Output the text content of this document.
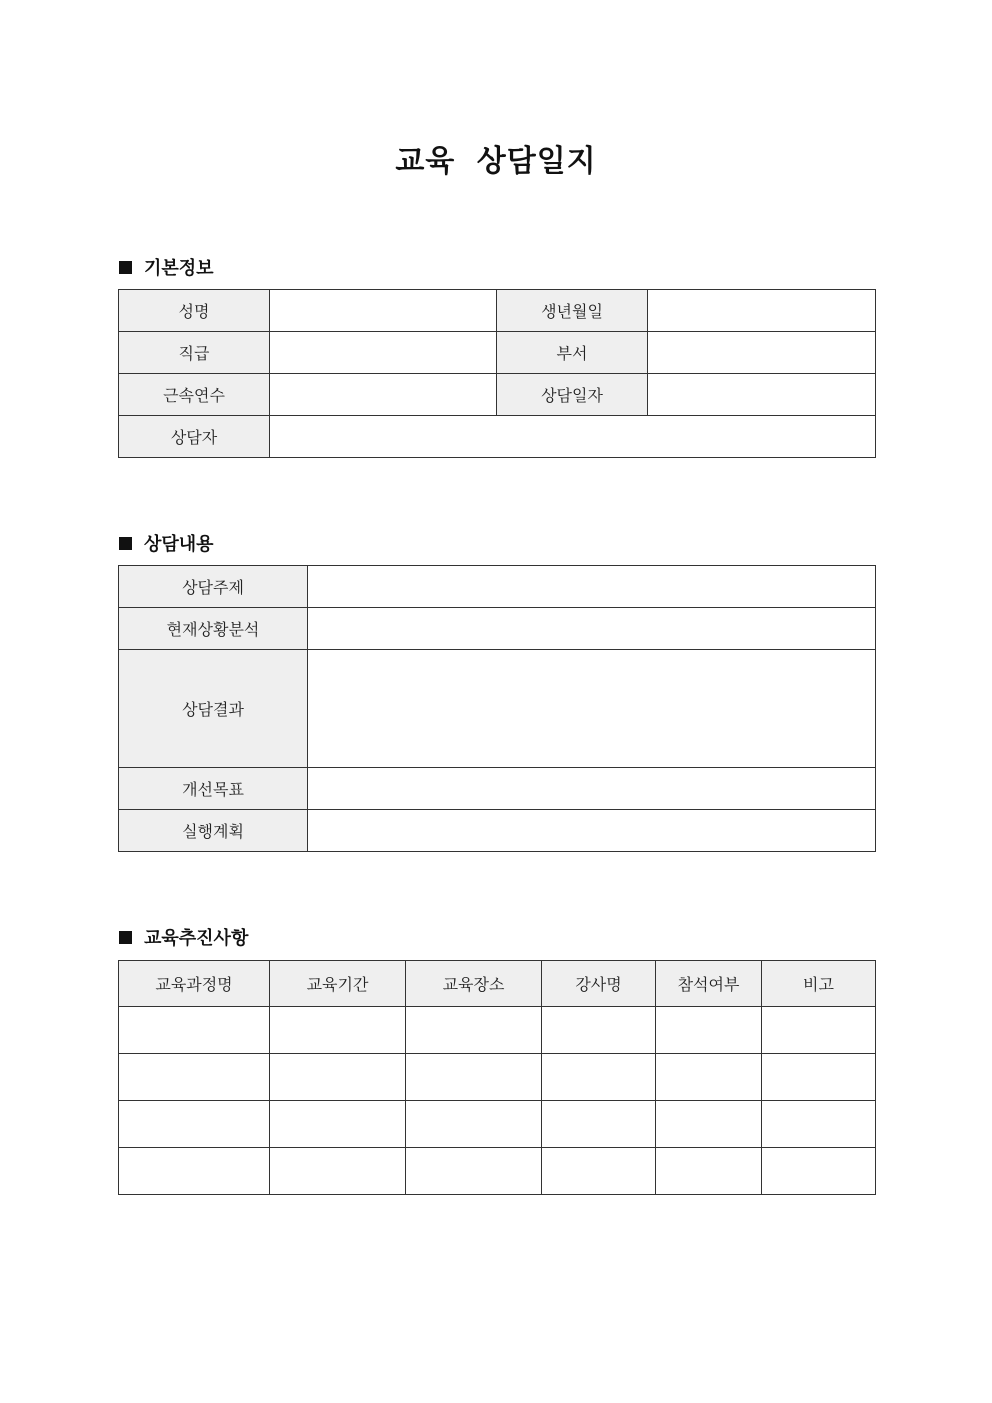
교육 상담일지
기본정보
성명		생년월일	
직급		부서	
근속연수		상담일자	
상담자			
상담내용
상담주제	
현재상황분석	
상담결과	
개선목표	
실행계획	
교육추진사항
교육과정명	교육기간	교육장소	강사명	참석여부	비고
